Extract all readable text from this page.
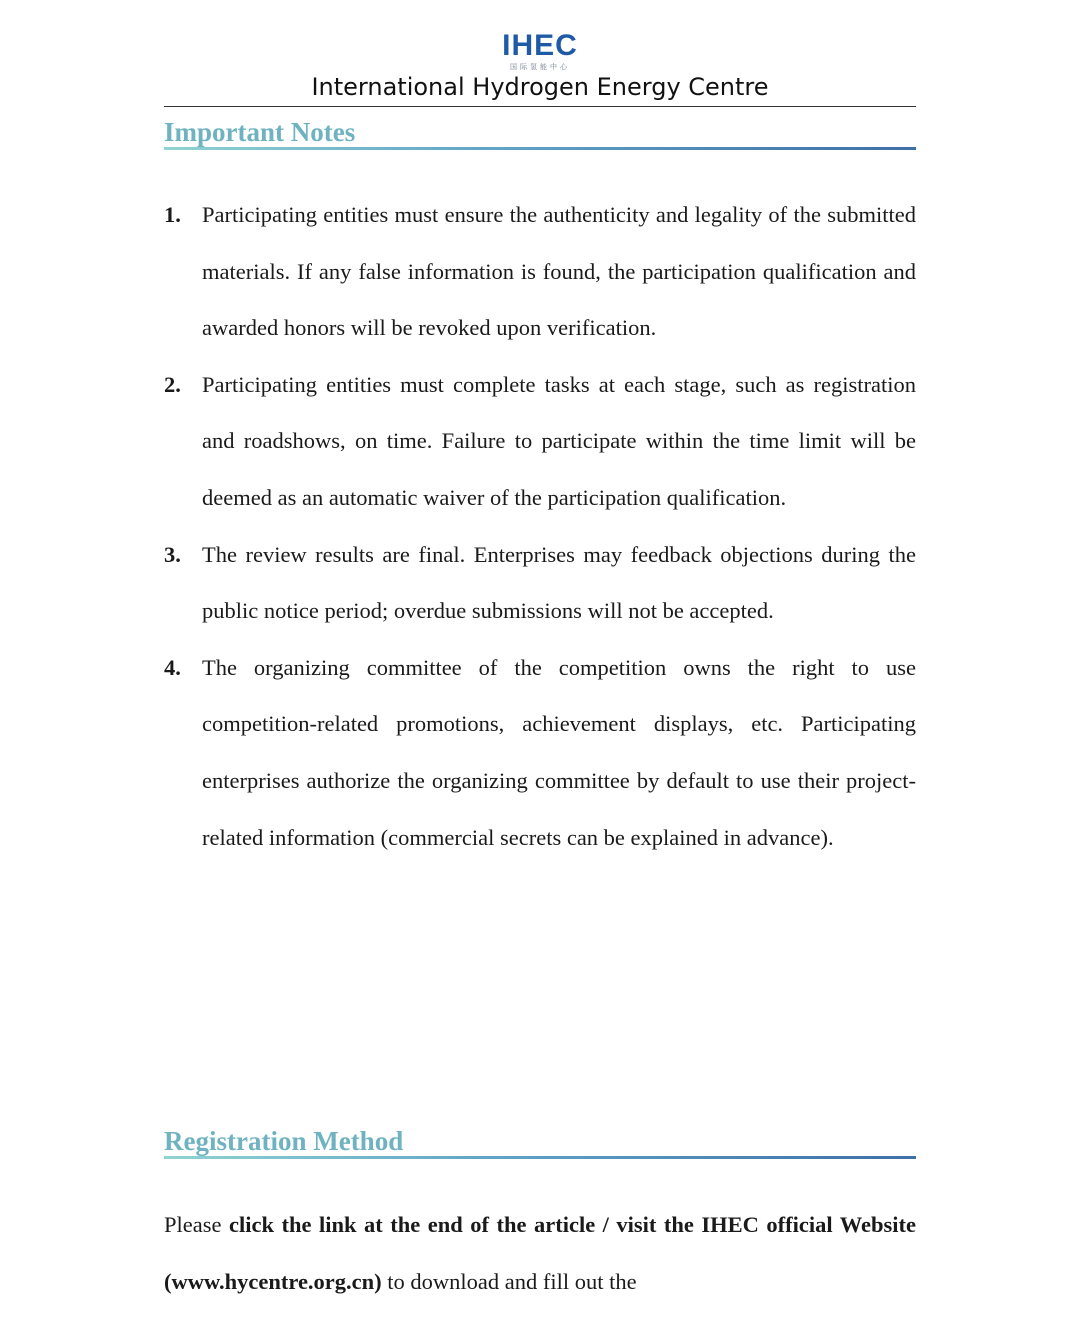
IHEC
国际氢能中心
International Hydrogen Energy Centre
Important Notes
1. Participating entities must ensure the authenticity and legality of the submitted materials. If any false information is found, the participation qualification and awarded honors will be revoked upon verification.
2. Participating entities must complete tasks at each stage, such as registration and roadshows, on time. Failure to participate within the time limit will be deemed as an automatic waiver of the participation qualification.
3. The review results are final. Enterprises may feedback objections during the public notice period; overdue submissions will not be accepted.
4. The organizing committee of the competition owns the right to use competition-related promotions, achievement displays, etc. Participating enterprises authorize the organizing committee by default to use their project-related information (commercial secrets can be explained in advance).
Registration Method

Please click the link at the end of the article / visit the IHEC official Website (www.hycentre.org.cn) to download and fill out the
